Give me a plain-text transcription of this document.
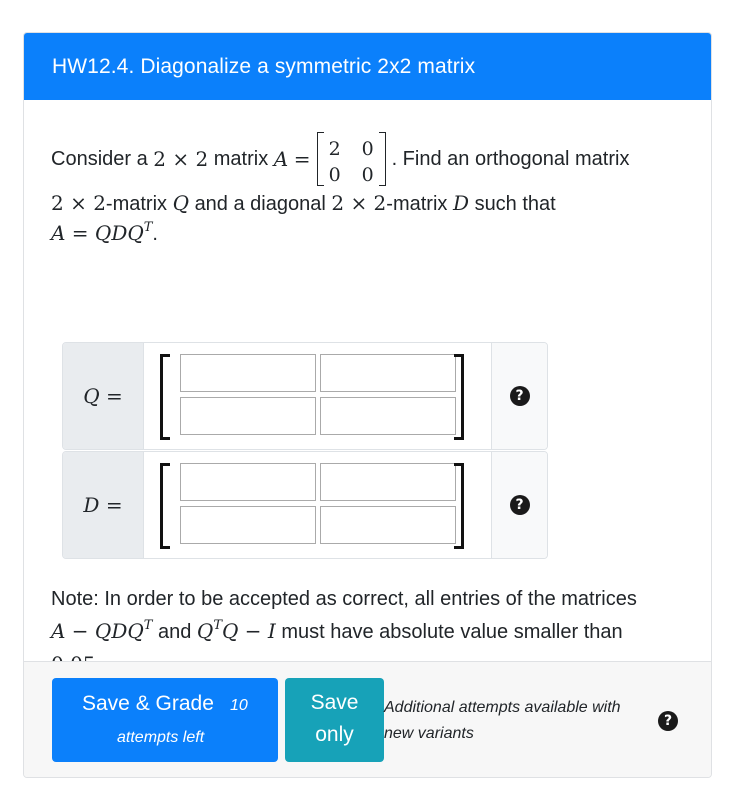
HW12.4. Diagonalize a symmetric 2x2 matrix
Consider a
2 × 2
matrix
A
= 2 0
0 0
. Find an orthogonal matrix
2 × 2-matrix Q and a diagonal 2 × 2-matrix D such that
$A = QDQ^T$.
Q =	?
D =	?
Note: In order to be accepted as correct, all entries of the matrices
$A - QDQ^T$ and $Q^TQ - I$ must have absolute value smaller than
Save & Grade 10
attempts left
Save
only
Additional attempts available with
new variants
?
